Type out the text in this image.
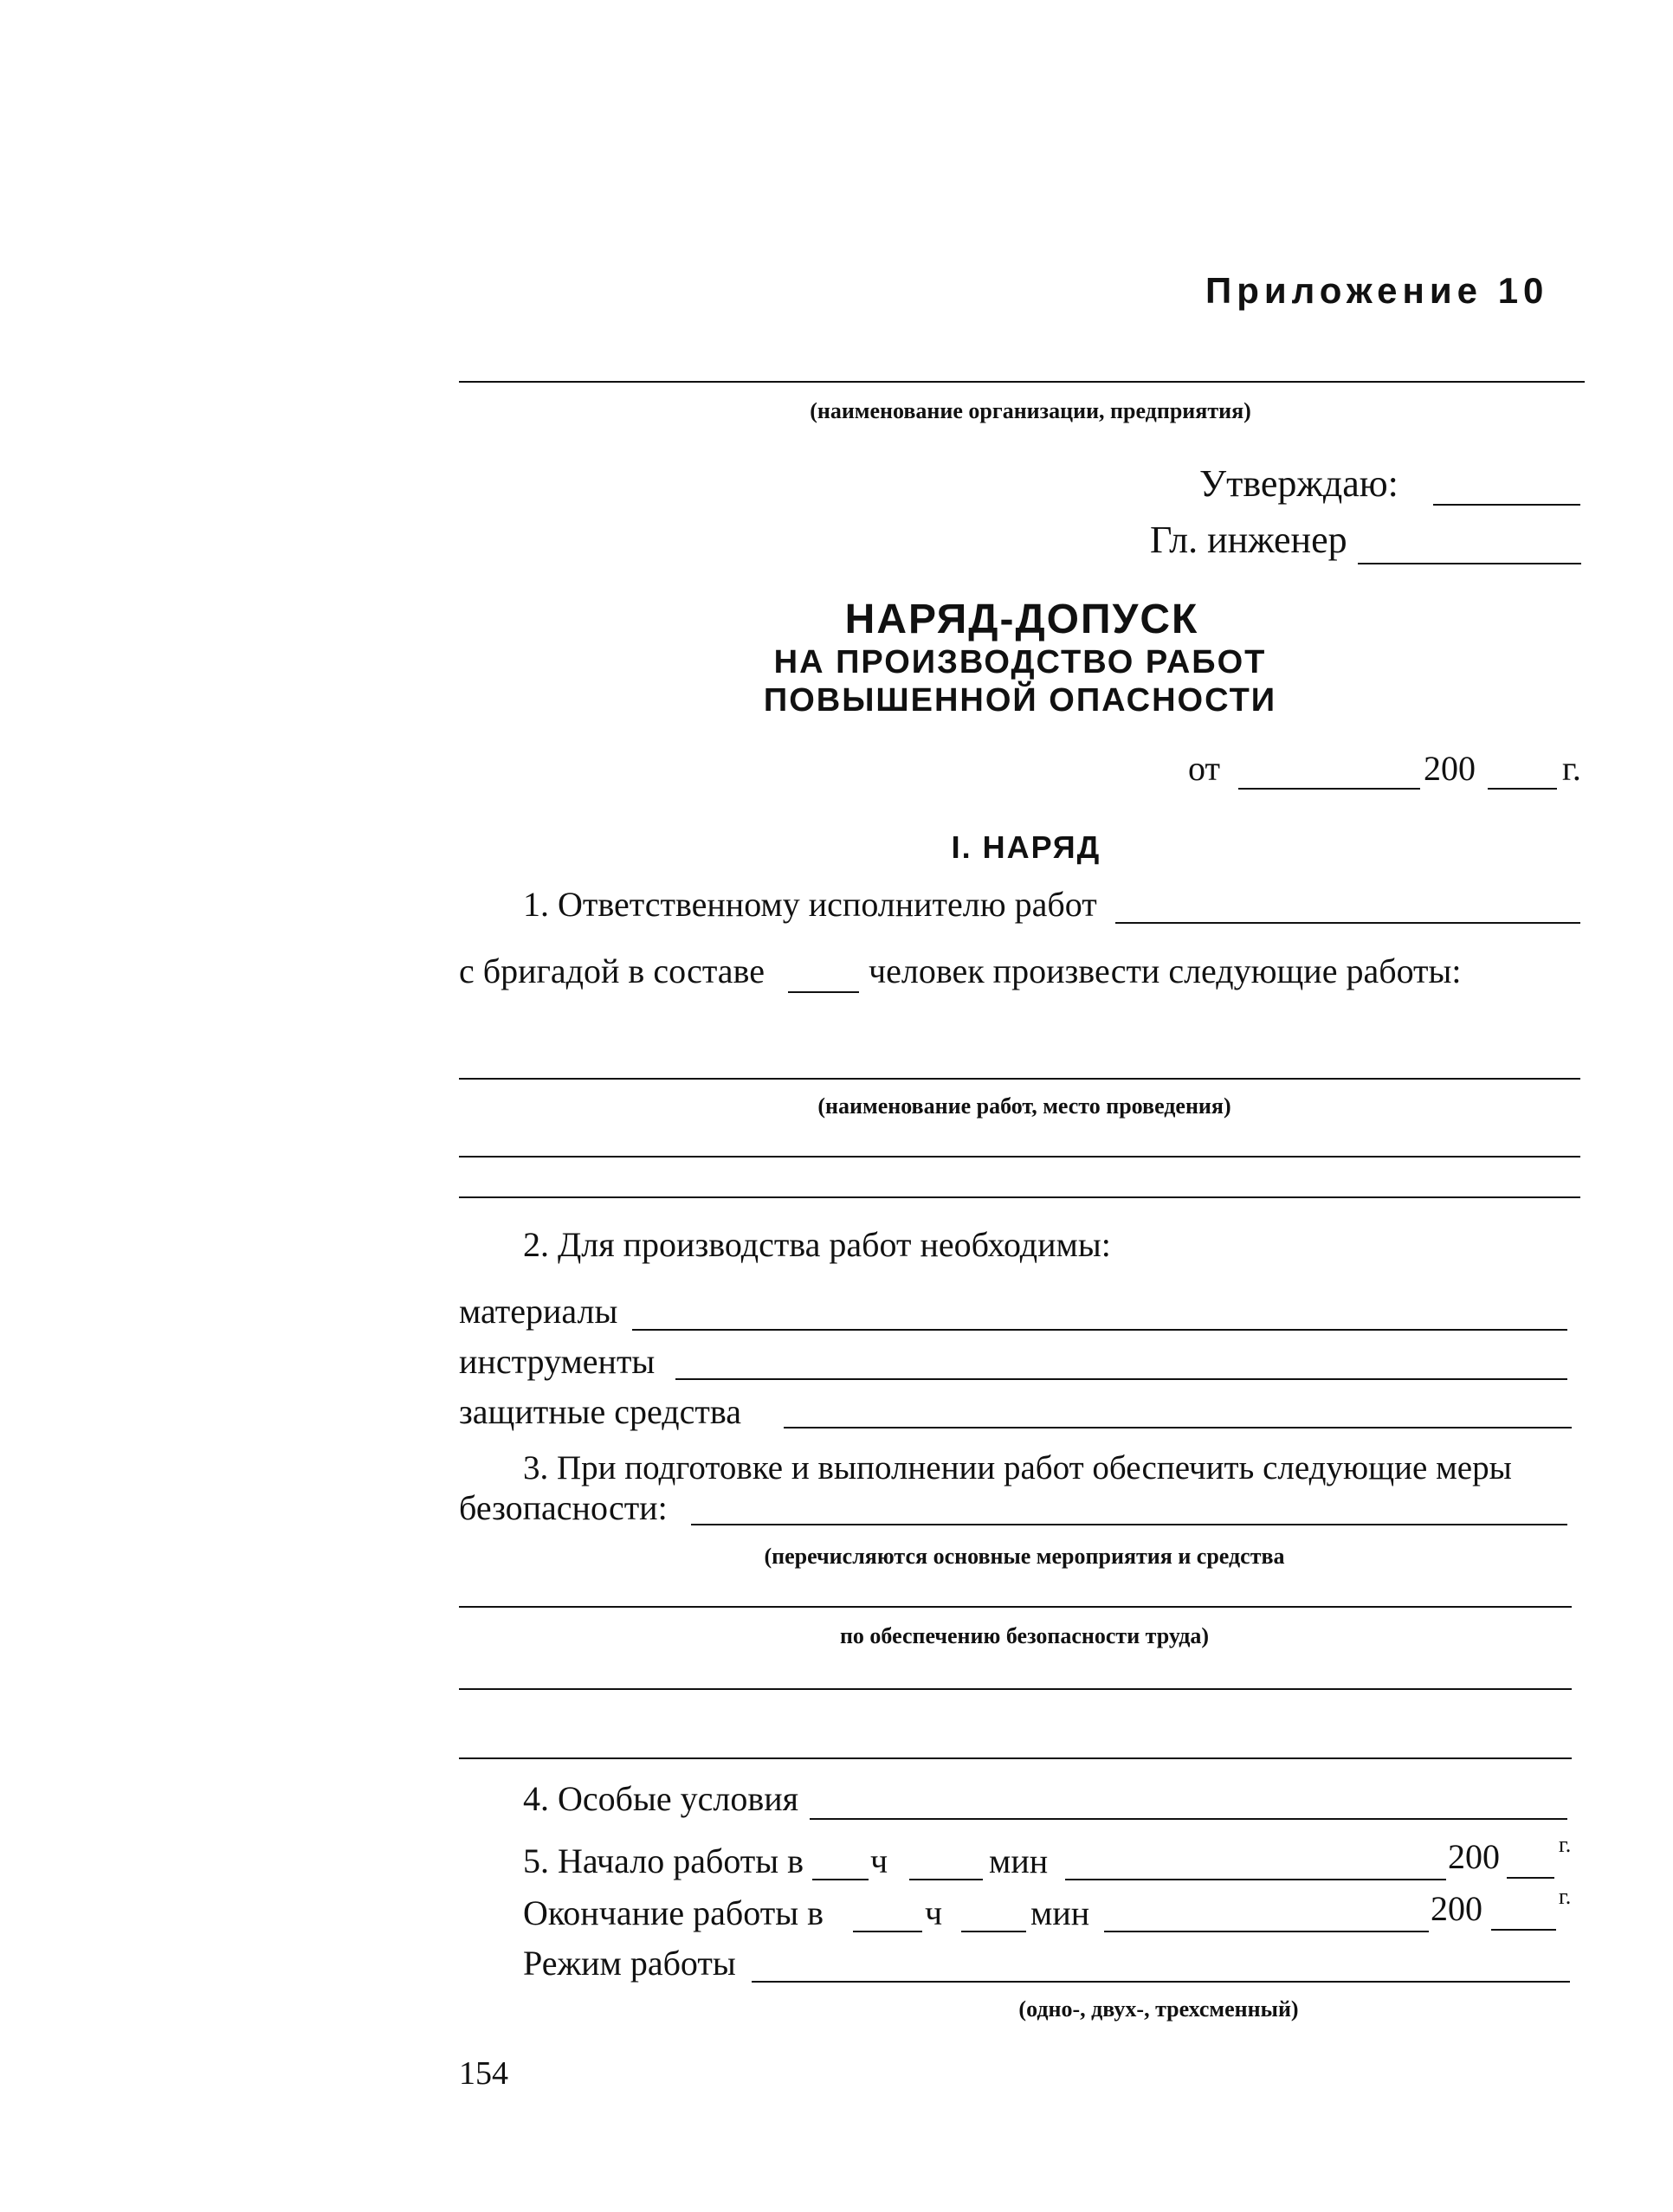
Приложение 10
(наименование организации, предприятия)
Утверждаю:
Гл. инженер
НАРЯД-ДОПУСК
НА ПРОИЗВОДСТВО РАБОТ
ПОВЫШЕННОЙ ОПАСНОСТИ
от	200	г.
I. НАРЯД
1. Ответственному исполнителю работ
с бригадой в составе	человек произвести следующие работы:
(наименование работ, место проведения)
2. Для производства работ необходимы:
материалы
инструменты
защитные средства
3. При подготовке и выполнении работ обеспечить следующие меры
безопасности:
(перечисляются основные мероприятия и средства
по обеспечению безопасности труда)
4. Особые условия
5. Начало работы в ч	мин	200	г.
Окончание работы в	ч	мин	200	г.
Режим работы
(одно-, двух-, трехсменный)
154
